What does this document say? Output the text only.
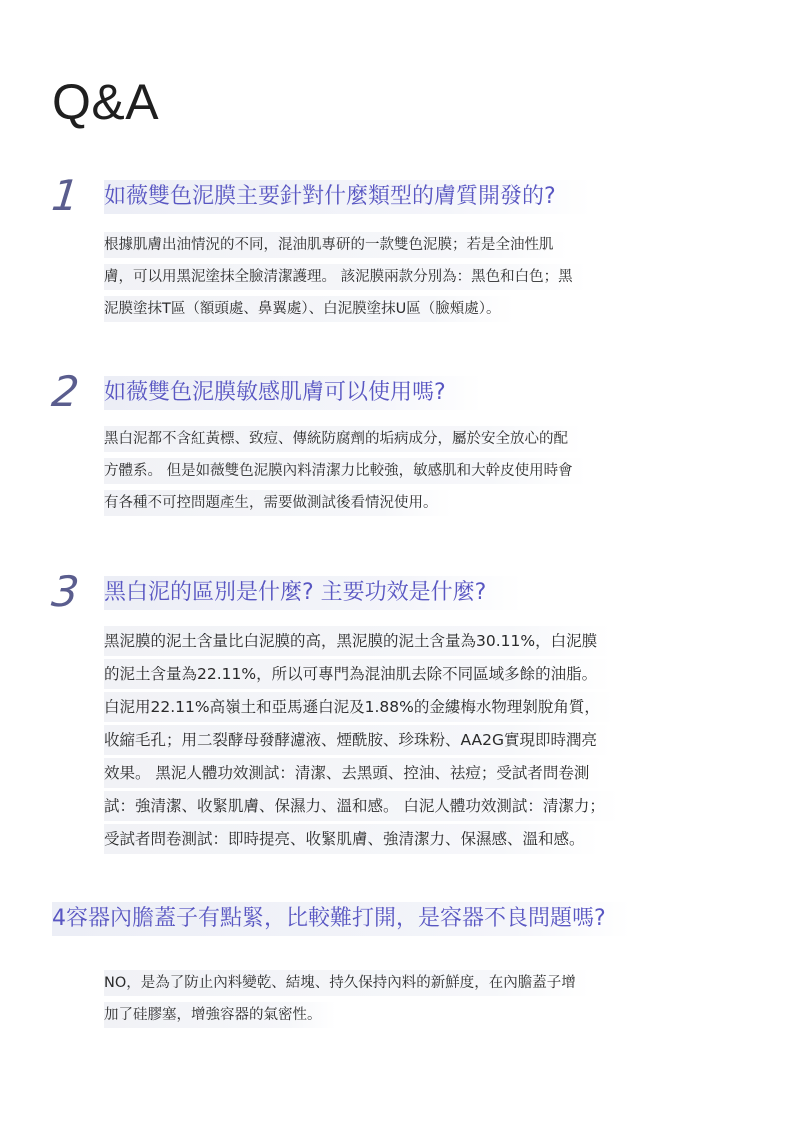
Q&A
1 如薇雙色泥膜主要針對什麼類型的膚質開發的?
根據肌膚出油情況的不同，混油肌專研的一款雙色泥膜；若是全油性肌
膚，可以用黑泥塗抹全臉清潔護理。 該泥膜兩款分別為：黑色和白色；黑
泥膜塗抹T區（額頭處、鼻翼處）、白泥膜塗抹U區（臉頰處）。
2 如薇雙色泥膜敏感肌膚可以使用嗎?
黑白泥都不含紅黃標、致痘、傳統防腐劑的垢病成分，屬於安全放心的配
方體系。 但是如薇雙色泥膜內料清潔力比較強，敏感肌和大幹皮使用時會
有各種不可控問題產生，需要做測試後看情況使用。
3 黑白泥的區別是什麼? 主要功效是什麼?
黑泥膜的泥土含量比白泥膜的高，黑泥膜的泥土含量為30.11%，白泥膜
的泥土含量為22.11%，所以可專門為混油肌去除不同區域多餘的油脂。
白泥用22.11%高嶺土和亞馬遜白泥及1.88%的金縷梅水物理剝脫角質，
收縮毛孔；用二裂酵母發酵濾液、煙酰胺、珍珠粉、AA2G實現即時潤亮
效果。 黑泥人體功效測試：清潔、去黑頭、控油、祛痘；受試者問卷測
試：強清潔、收緊肌膚、保濕力、溫和感。 白泥人體功效測試：清潔力；
受試者問卷測試：即時提亮、收緊肌膚、強清潔力、保濕感、溫和感。
4容器內膽蓋子有點緊，比較難打開，是容器不良問題嗎?
NO，是為了防止內料變乾、結塊、持久保持內料的新鮮度，在內膽蓋子增
加了硅膠塞，增強容器的氣密性。
